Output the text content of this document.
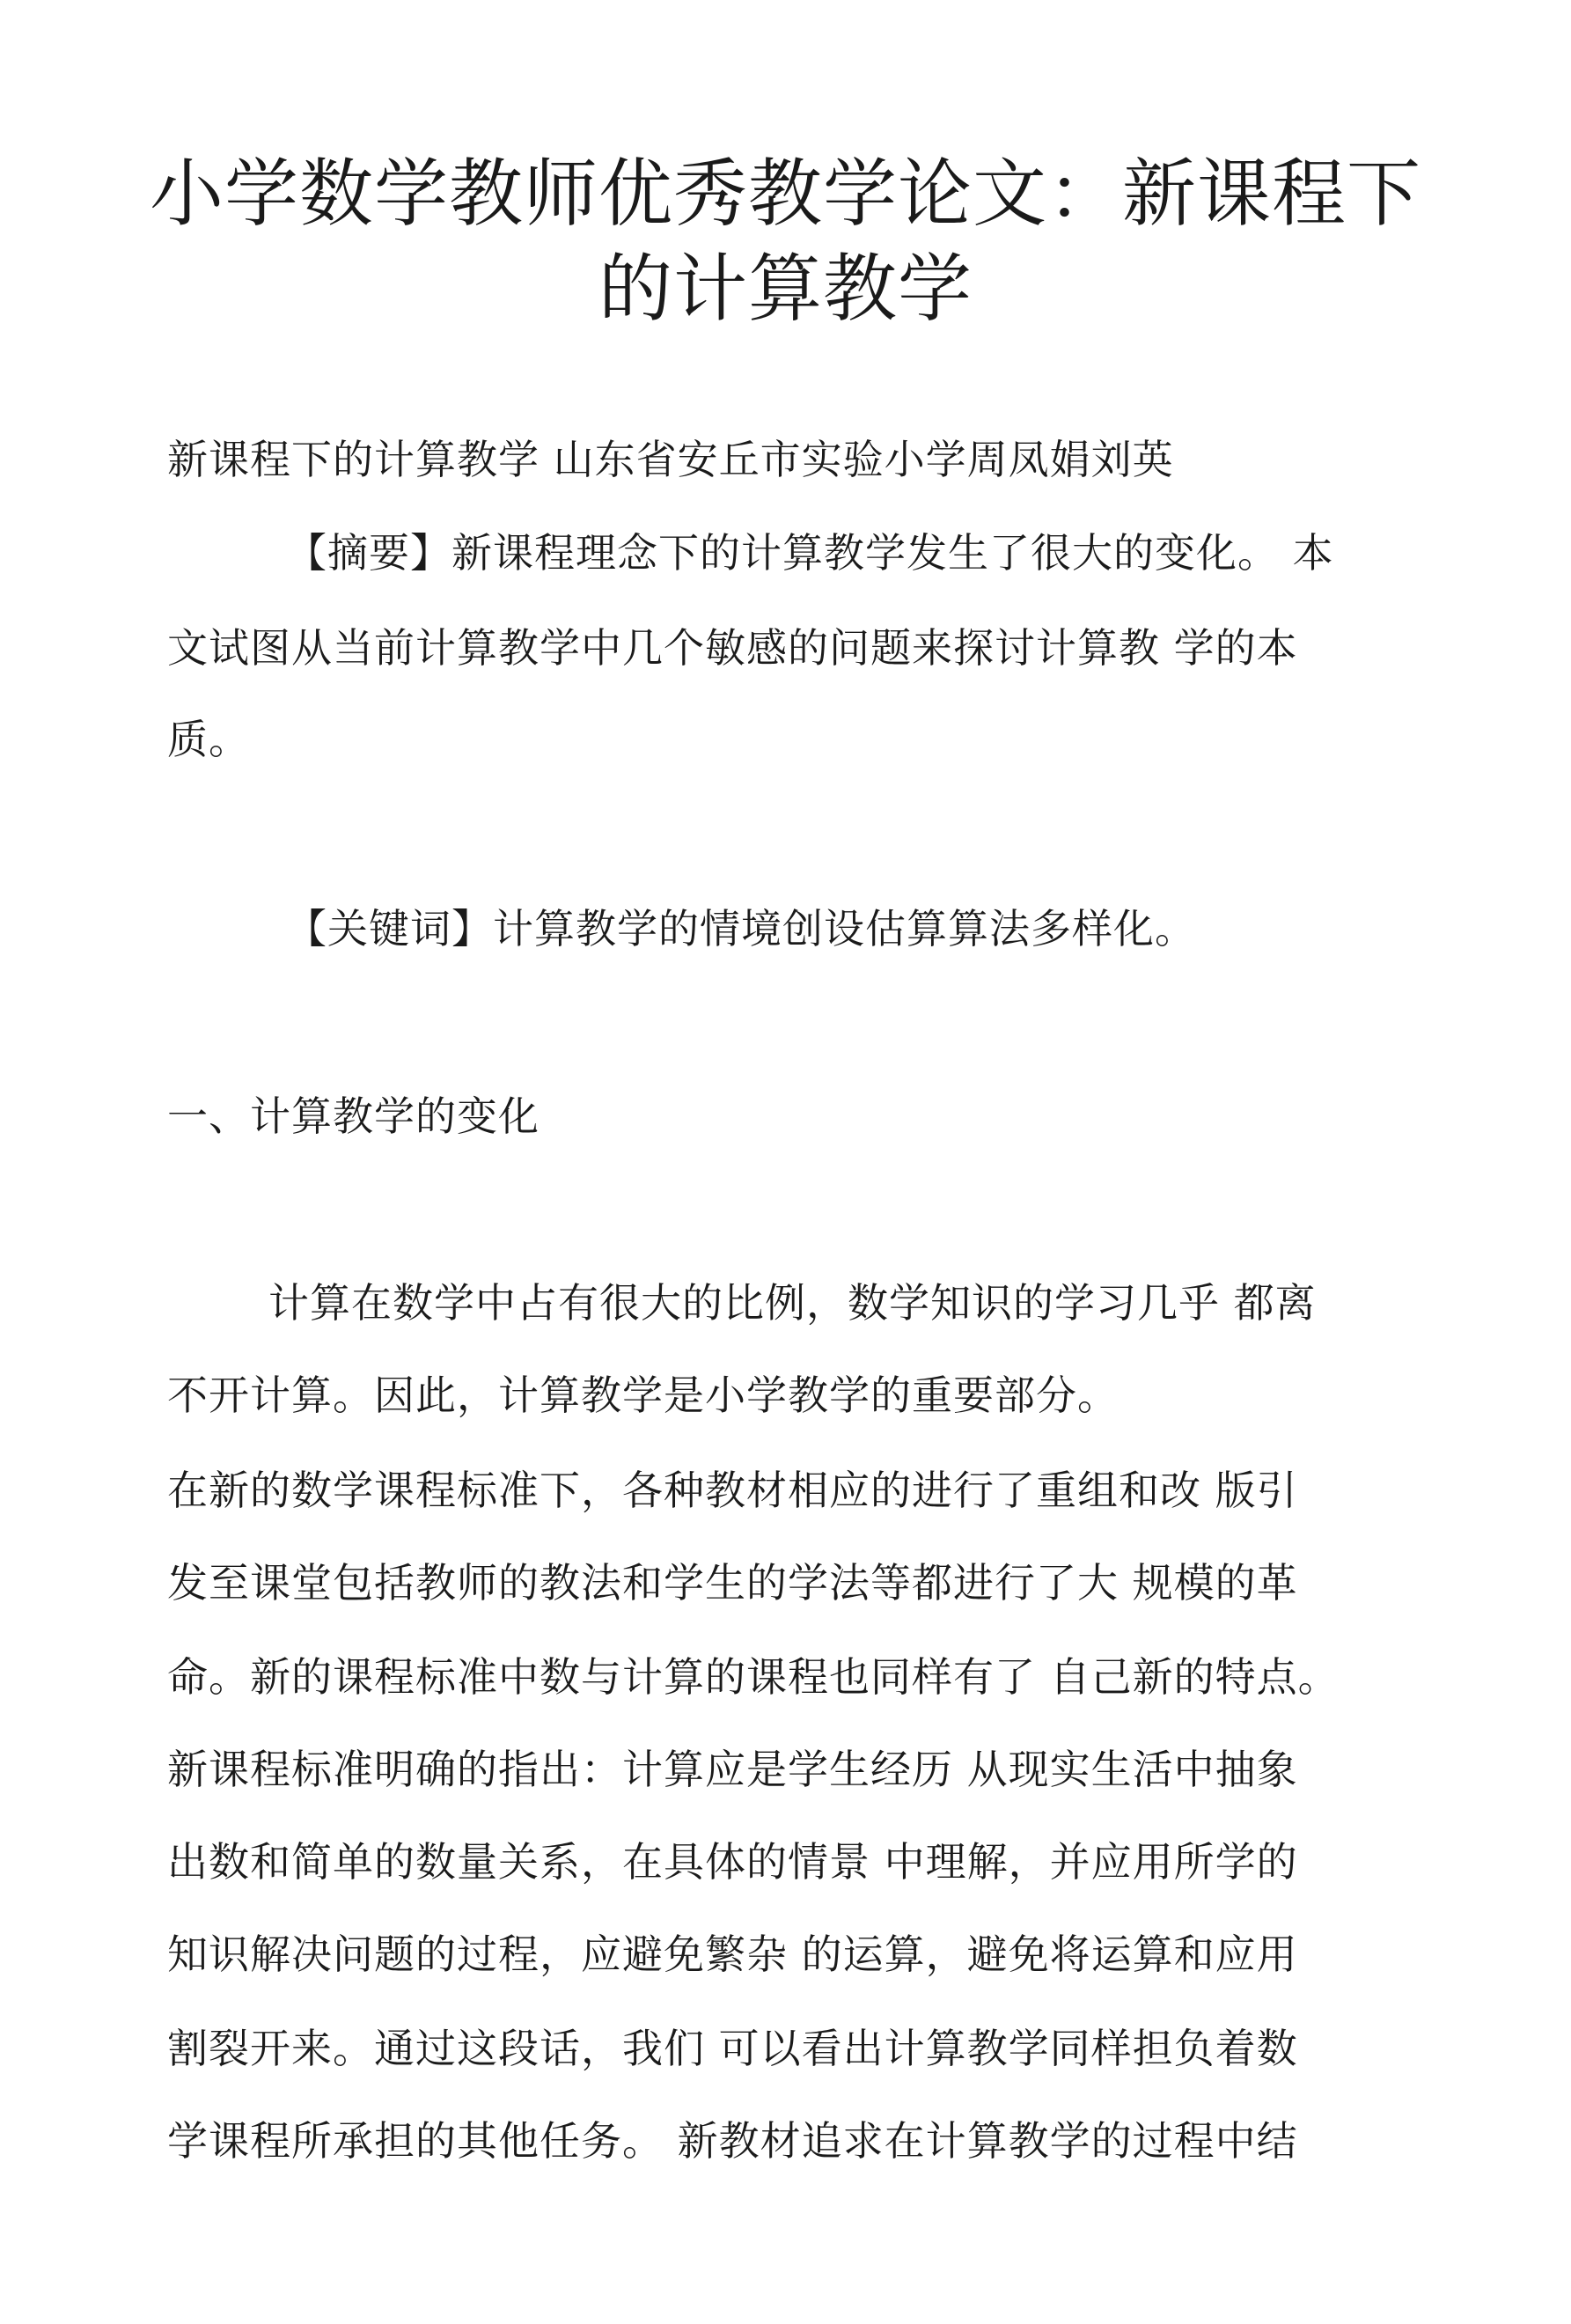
小学数学教师优秀教学论文：新课程下
的计算教学
新课程下的计算教学 山东省安丘市实验小学周凤娟刘英
【摘要】新课程理念下的计算教学发生了很大的变化。 本
文试图从当前计算教学中几个敏感的问题来探讨计算教 学的本
质。
【关键词】计算教学的情境创设估算算法多样化。
一、计算教学的变化
计算在数学中占有很大的比例，数学知识的学习几乎 都离
不开计算。因此，计算教学是小学教学的重要部分。
在新的数学课程标准下，各种教材相应的进行了重组和改 版引
发至课堂包括教师的教法和学生的学法等都进行了大 规模的革
命。新的课程标准中数与计算的课程也同样有了 自己新的特点。
新课程标准明确的指出：计算应是学生经历 从现实生活中抽象
出数和简单的数量关系，在具体的情景 中理解，并应用所学的
知识解决问题的过程，应避免繁杂 的运算，避免将运算和应用
割裂开来。通过这段话，我们 可以看出计算教学同样担负着数
学课程所承担的其他任务。 新教材追求在计算教学的过程中结
